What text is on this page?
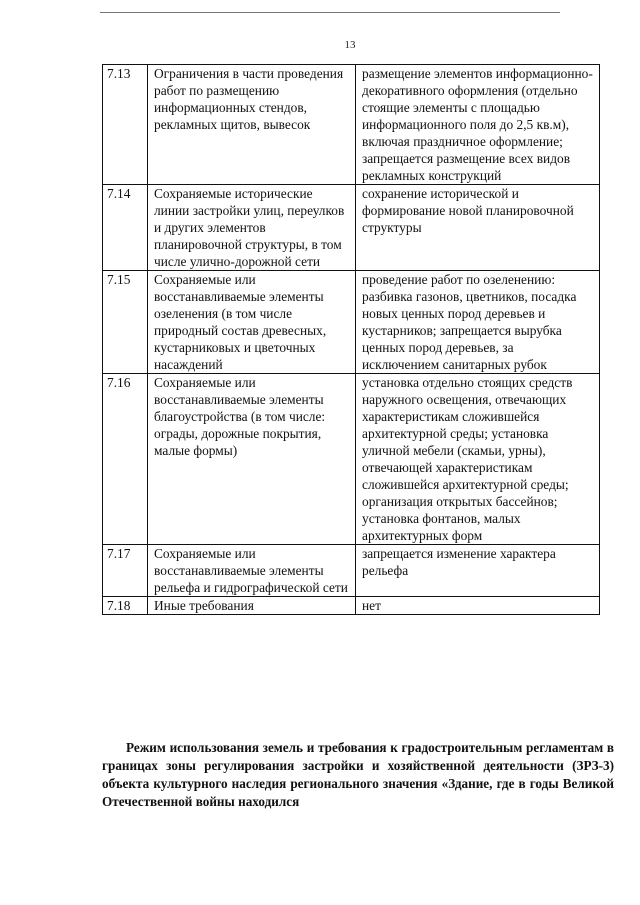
13
7.13	Ограничения в части проведения работ по размещению информационных стендов, рекламных щитов, вывесок	размещение элементов информационно-декоративного оформления (отдельно стоящие элементы с площадью информационного поля до 2,5 кв.м), включая праздничное оформление; запрещается размещение всех видов рекламных конструкций
7.14	Сохраняемые исторические линии застройки улиц, переулков и других элементов планировочной структуры, в том числе улично-дорожной сети	сохранение исторической и формирование новой планировочной структуры
7.15	Сохраняемые или восстанавливаемые элементы озеленения (в том числе природный состав древесных, кустарниковых и цветочных насаждений	проведение работ по озеленению: разбивка газонов, цветников, посадка новых ценных пород деревьев и кустарников; запрещается вырубка ценных пород деревьев, за исключением санитарных рубок
7.16	Сохраняемые или восстанавливаемые элементы благоустройства (в том числе: ограды, дорожные покрытия, малые формы)	установка отдельно стоящих средств наружного освещения, отвечающих характеристикам сложившейся архитектурной среды; установка уличной мебели (скамьи, урны), отвечающей характеристикам сложившейся архитектурной среды; организация открытых бассейнов; установка фонтанов, малых архитектурных форм
7.17	Сохраняемые или восстанавливаемые элементы рельефа и гидрографической сети	запрещается изменение характера рельефа
7.18	Иные требования	нет
Режим использования земель и требования к градостроительным регламентам в границах зоны регулирования застройки и хозяйственной деятельности (ЗРЗ-3) объекта культурного наследия регионального значения «Здание, где в годы Великой Отечественной войны находился
